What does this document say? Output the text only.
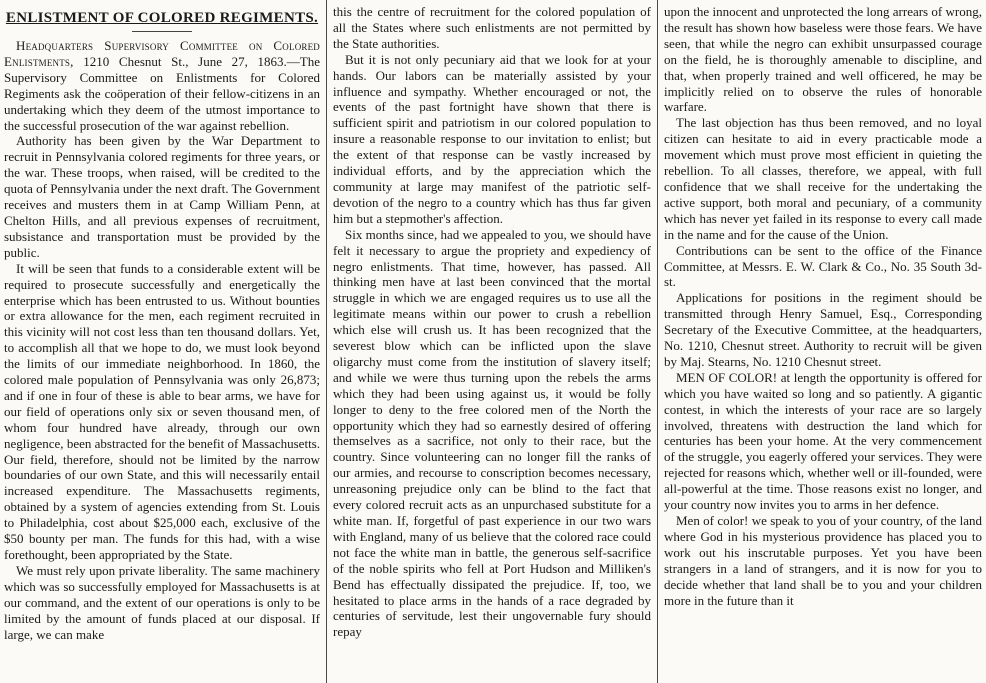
ENLISTMENT OF COLORED REGIMENTS.

Headquarters Supervisory Committee on Colored Enlistments, 1210 Chesnut St., June 27, 1863.—The Supervisory Committee on Enlistments for Colored Regiments ask the coöperation of their fellow-citizens in an undertaking which they deem of the utmost importance to the successful prosecution of the war against rebellion.

Authority has been given by the War Department to recruit in Pennsylvania colored regiments for three years, or the war. These troops, when raised, will be credited to the quota of Pennsylvania under the next draft. The Government receives and musters them in at Camp William Penn, at Chelton Hills, and all previous expenses of recruitment, subsistance and transportation must be provided by the public.

It will be seen that funds to a considerable extent will be required to prosecute successfully and energetically the enterprise which has been entrusted to us. Without bounties or extra allowance for the men, each regiment recruited in this vicinity will not cost less than ten thousand dollars. Yet, to accomplish all that we hope to do, we must look beyond the limits of our immediate neighborhood. In 1860, the colored male population of Pennsylvania was only 26,873; and if one in four of these is able to bear arms, we have for our field of operations only six or seven thousand men, of whom four hundred have already, through our own negligence, been abstracted for the benefit of Massachusetts. Our field, therefore, should not be limited by the narrow boundaries of our own State, and this will necessarily entail increased expenditure. The Massachusetts regiments, obtained by a system of agencies extending from St. Louis to Philadelphia, cost about $25,000 each, exclusive of the $50 bounty per man. The funds for this had, with a wise forethought, been appropriated by the State.

We must rely upon private liberality. The same machinery which was so successfully employed for Massachusetts is at our command, and the extent of our operations is only to be limited by the amount of funds placed at our disposal. If large, we can make

this the centre of recruitment for the colored population of all the States where such enlistments are not permitted by the State authorities.

But it is not only pecuniary aid that we look for at your hands. Our labors can be materially assisted by your influence and sympathy. Whether encouraged or not, the events of the past fortnight have shown that there is sufficient spirit and patriotism in our colored population to insure a reasonable response to our invitation to enlist; but the extent of that response can be vastly increased by individual efforts, and by the appreciation which the community at large may manifest of the patriotic self-devotion of the negro to a country which has thus far given him but a stepmother's affection.

Six months since, had we appealed to you, we should have felt it necessary to argue the propriety and expediency of negro enlistments. That time, however, has passed. All thinking men have at last been convinced that the mortal struggle in which we are engaged requires us to use all the legitimate means within our power to crush a rebellion which else will crush us. It has been recognized that the severest blow which can be inflicted upon the slave oligarchy must come from the institution of slavery itself; and while we were thus turning upon the rebels the arms which they had been using against us, it would be folly longer to deny to the free colored men of the North the opportunity which they had so earnestly desired of offering themselves as a sacrifice, not only to their race, but the country. Since volunteering can no longer fill the ranks of our armies, and recourse to conscription becomes necessary, unreasoning prejudice only can be blind to the fact that every colored recruit acts as an unpurchased substitute for a white man. If, forgetful of past experience in our two wars with England, many of us believe that the colored race could not face the white man in battle, the generous self-sacrifice of the noble spirits who fell at Port Hudson and Milliken's Bend has effectually dissipated the prejudice. If, too, we hesitated to place arms in the hands of a race degraded by centuries of servitude, lest their ungovernable fury should repay

upon the innocent and unprotected the long arrears of wrong, the result has shown how baseless were those fears. We have seen, that while the negro can exhibit unsurpassed courage on the field, he is thoroughly amenable to discipline, and that, when properly trained and well officered, he may be implicitly relied on to observe the rules of honorable warfare.

The last objection has thus been removed, and no loyal citizen can hesitate to aid in every practicable mode a movement which must prove most efficient in quieting the rebellion. To all classes, therefore, we appeal, with full confidence that we shall receive for the undertaking the active support, both moral and pecuniary, of a community which has never yet failed in its response to every call made in the name and for the cause of the Union.

Contributions can be sent to the office of the Finance Committee, at Messrs. E. W. Clark & Co., No. 35 South 3d-st.

Applications for positions in the regiment should be transmitted through Henry Samuel, Esq., Corresponding Secretary of the Executive Committee, at the headquarters, No. 1210, Chesnut street. Authority to recruit will be given by Maj. Stearns, No. 1210 Chesnut street.

MEN OF COLOR! at length the opportunity is offered for which you have waited so long and so patiently. A gigantic contest, in which the interests of your race are so largely involved, threatens with destruction the land which for centuries has been your home. At the very commencement of the struggle, you eagerly offered your services. They were rejected for reasons which, whether well or ill-founded, were all-powerful at the time. Those reasons exist no longer, and your country now invites you to arms in her defence.

Men of color! we speak to you of your country, of the land where God in his mysterious providence has placed you to work out his inscrutable purposes. Yet you have been strangers in a land of strangers, and it is now for you to decide whether that land shall be to you and your children more in the future than it
